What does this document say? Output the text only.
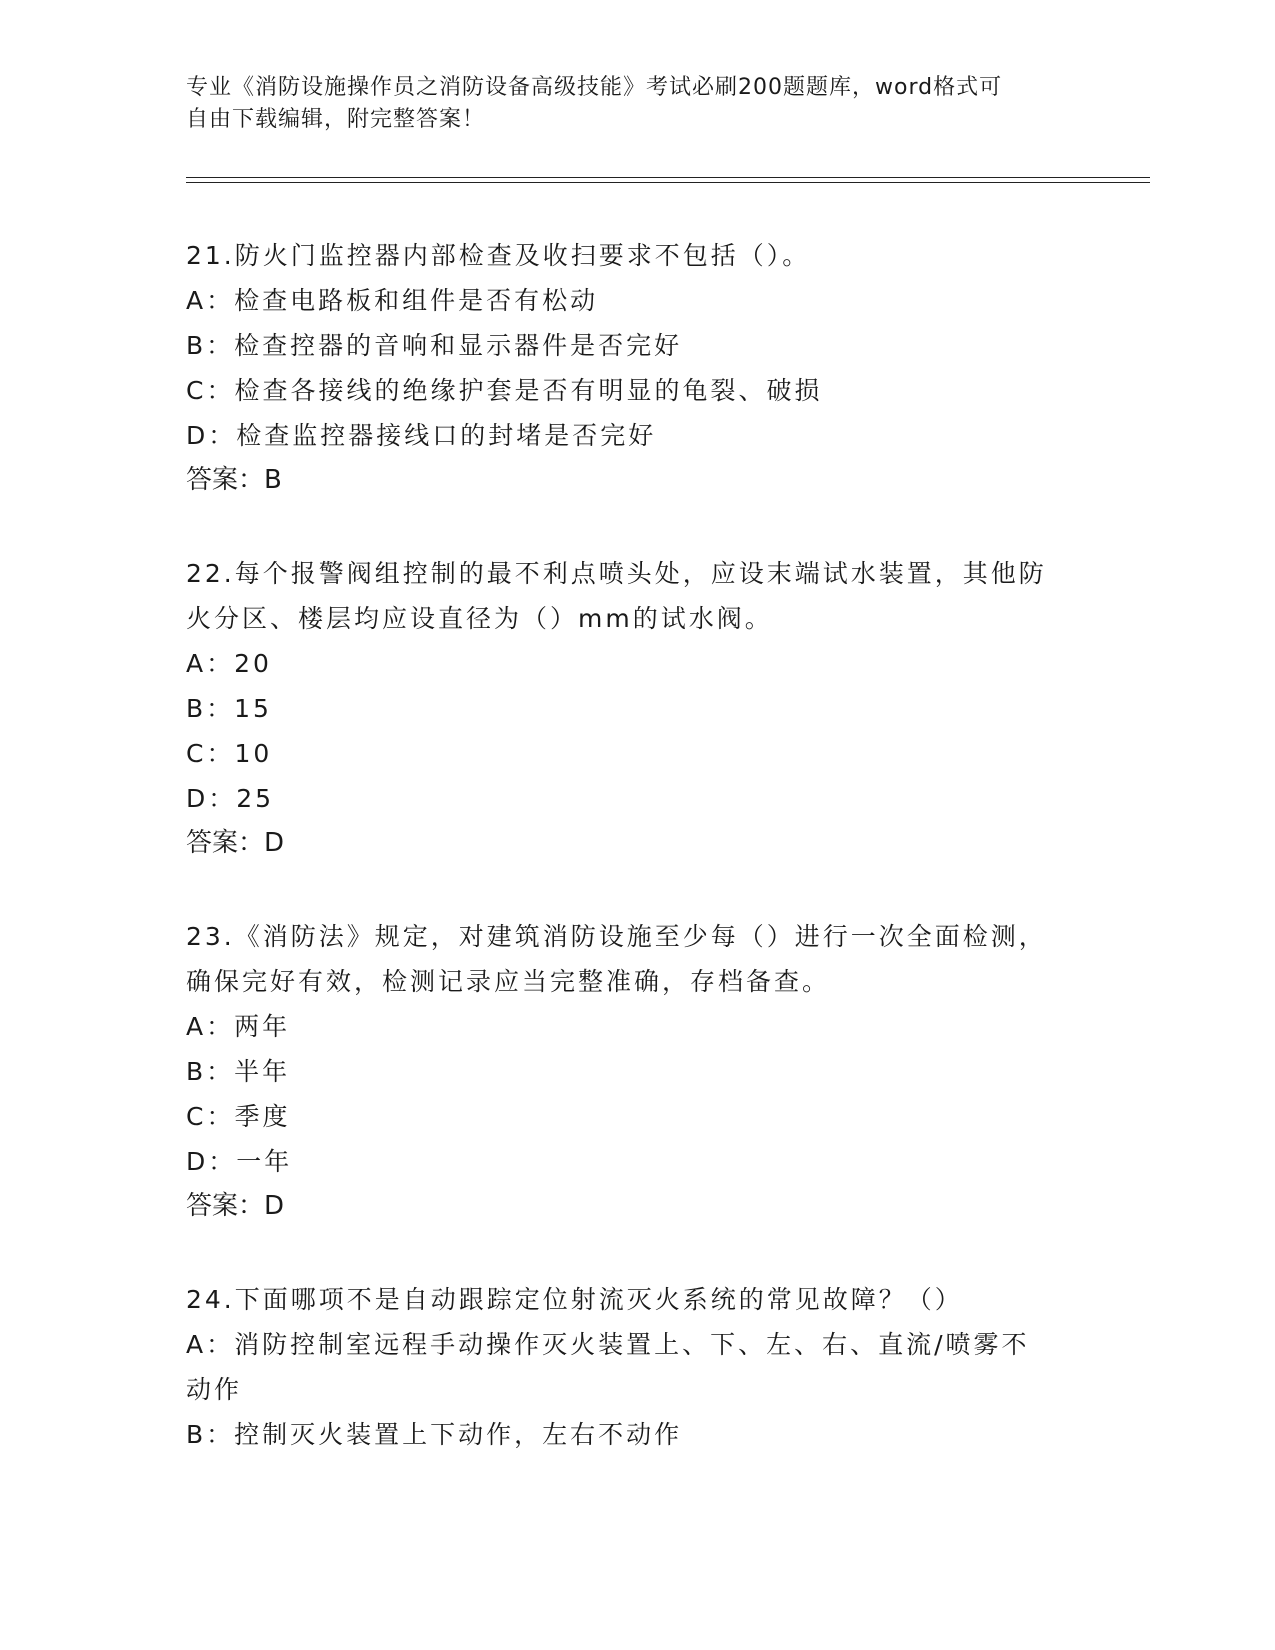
专业《消防设施操作员之消防设备高级技能》考试必刷200题题库，word格式可
自由下载编辑，附完整答案！
21.防火门监控器内部检查及收扫要求不包括（）。
A：检查电路板和组件是否有松动
B：检查控器的音响和显示器件是否完好
C：检查各接线的绝缘护套是否有明显的龟裂、破损
D：检查监控器接线口的封堵是否完好
答案：B
22.每个报警阀组控制的最不利点喷头处，应设末端试水装置，其他防
火分区、楼层均应设直径为（）mm的试水阀。
A：20
B：15
C：10
D：25
答案：D
23.《消防法》规定，对建筑消防设施至少每（）进行一次全面检测，
确保完好有效，检测记录应当完整准确，存档备查。
A：两年
B：半年
C：季度
D：一年
答案：D
24.下面哪项不是自动跟踪定位射流灭火系统的常见故障？（）
A：消防控制室远程手动操作灭火装置上、下、左、右、直流/喷雾不
动作
B：控制灭火装置上下动作，左右不动作
